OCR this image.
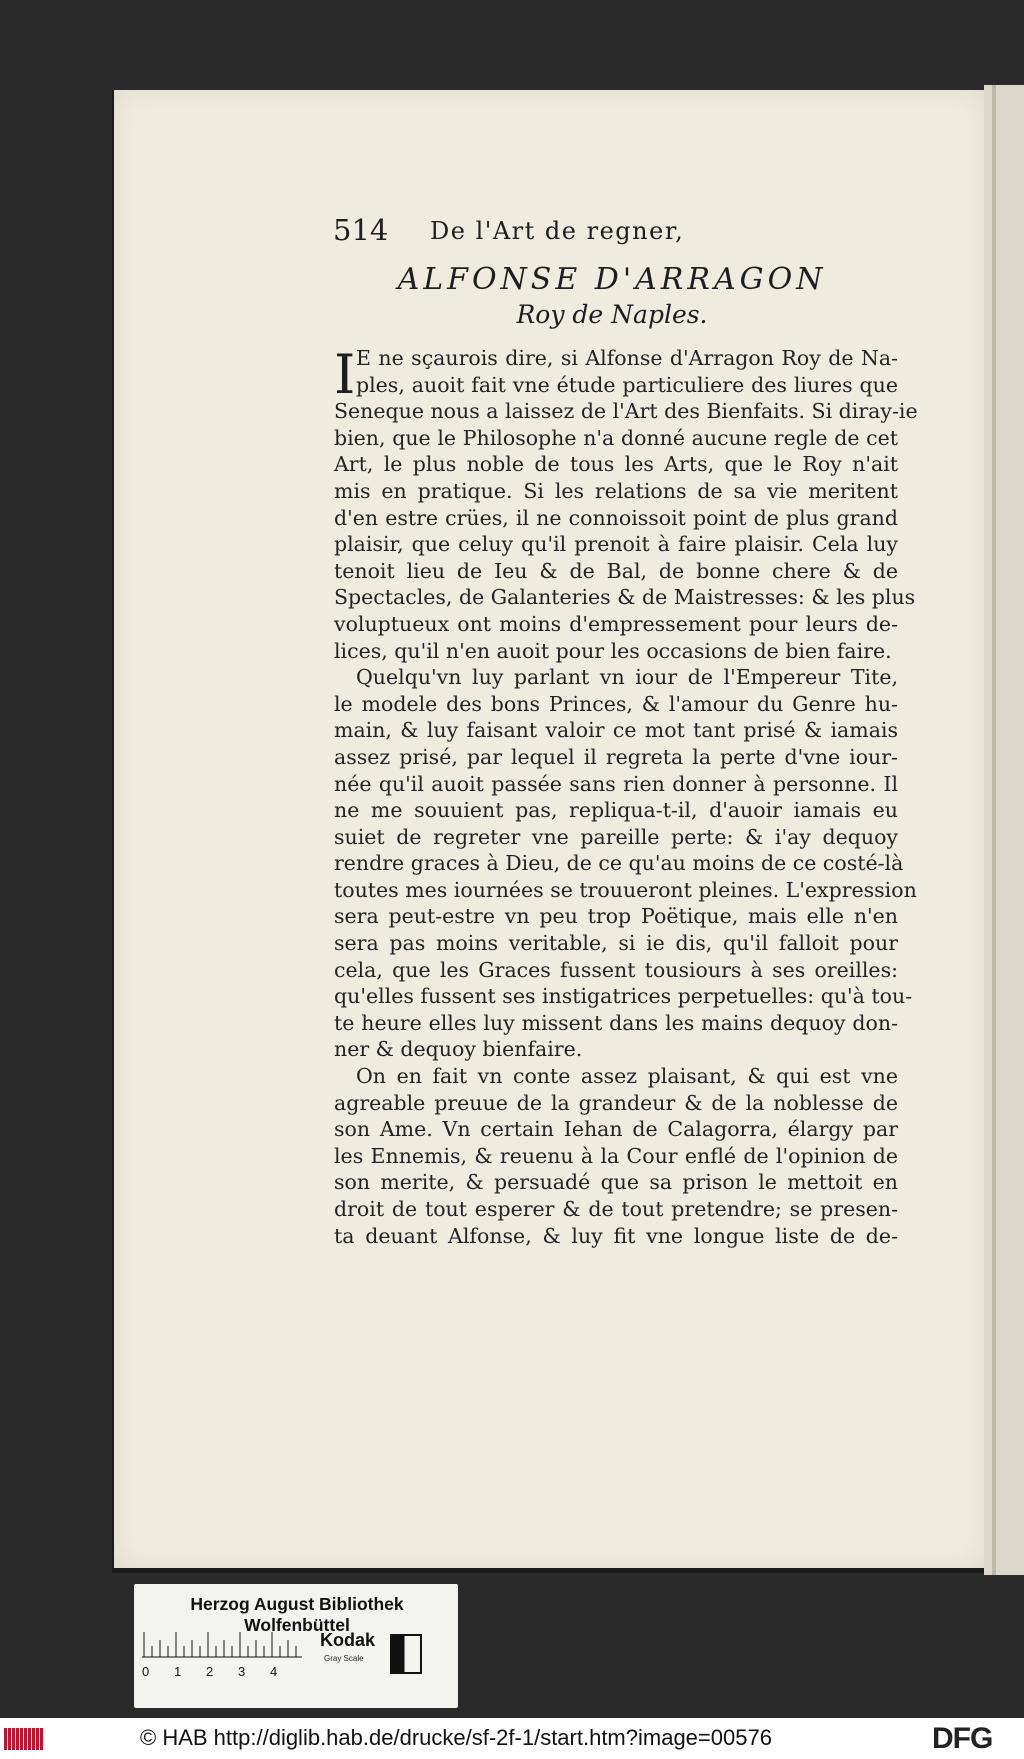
514 De l'Art de regner,
ALFONSE D'ARRAGON
Roy de Naples.
I E ne sçaurois dire, si Alfonse d'Arragon Roy de Na-
ples, auoit fait vne étude particuliere des liures que
Seneque nous a laissez de l'Art des Bienfaits. Si diray-ie
bien, que le Philosophe n'a donné aucune regle de cet
Art, le plus noble de tous les Arts, que le Roy n'ait
mis en pratique. Si les relations de sa vie meritent
d'en estre crües, il ne connoissoit point de plus grand
plaisir, que celuy qu'il prenoit à faire plaisir. Cela luy
tenoit lieu de Ieu & de Bal, de bonne chere & de
Spectacles, de Galanteries & de Maistresses: & les plus
voluptueux ont moins d'empressement pour leurs de-
lices, qu'il n'en auoit pour les occasions de bien faire.
Quelqu'vn luy parlant vn iour de l'Empereur Tite,
le modele des bons Princes, & l'amour du Genre hu-
main, & luy faisant valoir ce mot tant prisé & iamais
assez prisé, par lequel il regreta la perte d'vne iour-
née qu'il auoit passée sans rien donner à personne. Il
ne me souuient pas, repliqua-t-il, d'auoir iamais eu
suiet de regreter vne pareille perte: & i'ay dequoy
rendre graces à Dieu, de ce qu'au moins de ce costé-là
toutes mes iournées se trouueront pleines. L'expression
sera peut-estre vn peu trop Poëtique, mais elle n'en
sera pas moins veritable, si ie dis, qu'il falloit pour
cela, que les Graces fussent tousiours à ses oreilles:
qu'elles fussent ses instigatrices perpetuelles: qu'à tou-
te heure elles luy missent dans les mains dequoy don-
ner & dequoy bienfaire.
On en fait vn conte assez plaisant, & qui est vne
agreable preuue de la grandeur & de la noblesse de
son Ame. Vn certain Iehan de Calagorra, élargy par
les Ennemis, & reuenu à la Cour enflé de l'opinion de
son merite, & persuadé que sa prison le mettoit en
droit de tout esperer & de tout pretendre; se presen-
ta deuant Alfonse, & luy fit vne longue liste de de-
Herzog August Bibliothek Wolfenbüttel
0 1 2 3 4
Kodak
Gray Scale
© HAB http://diglib.hab.de/drucke/sf-2f-1/start.htm?image=00576	DFG
